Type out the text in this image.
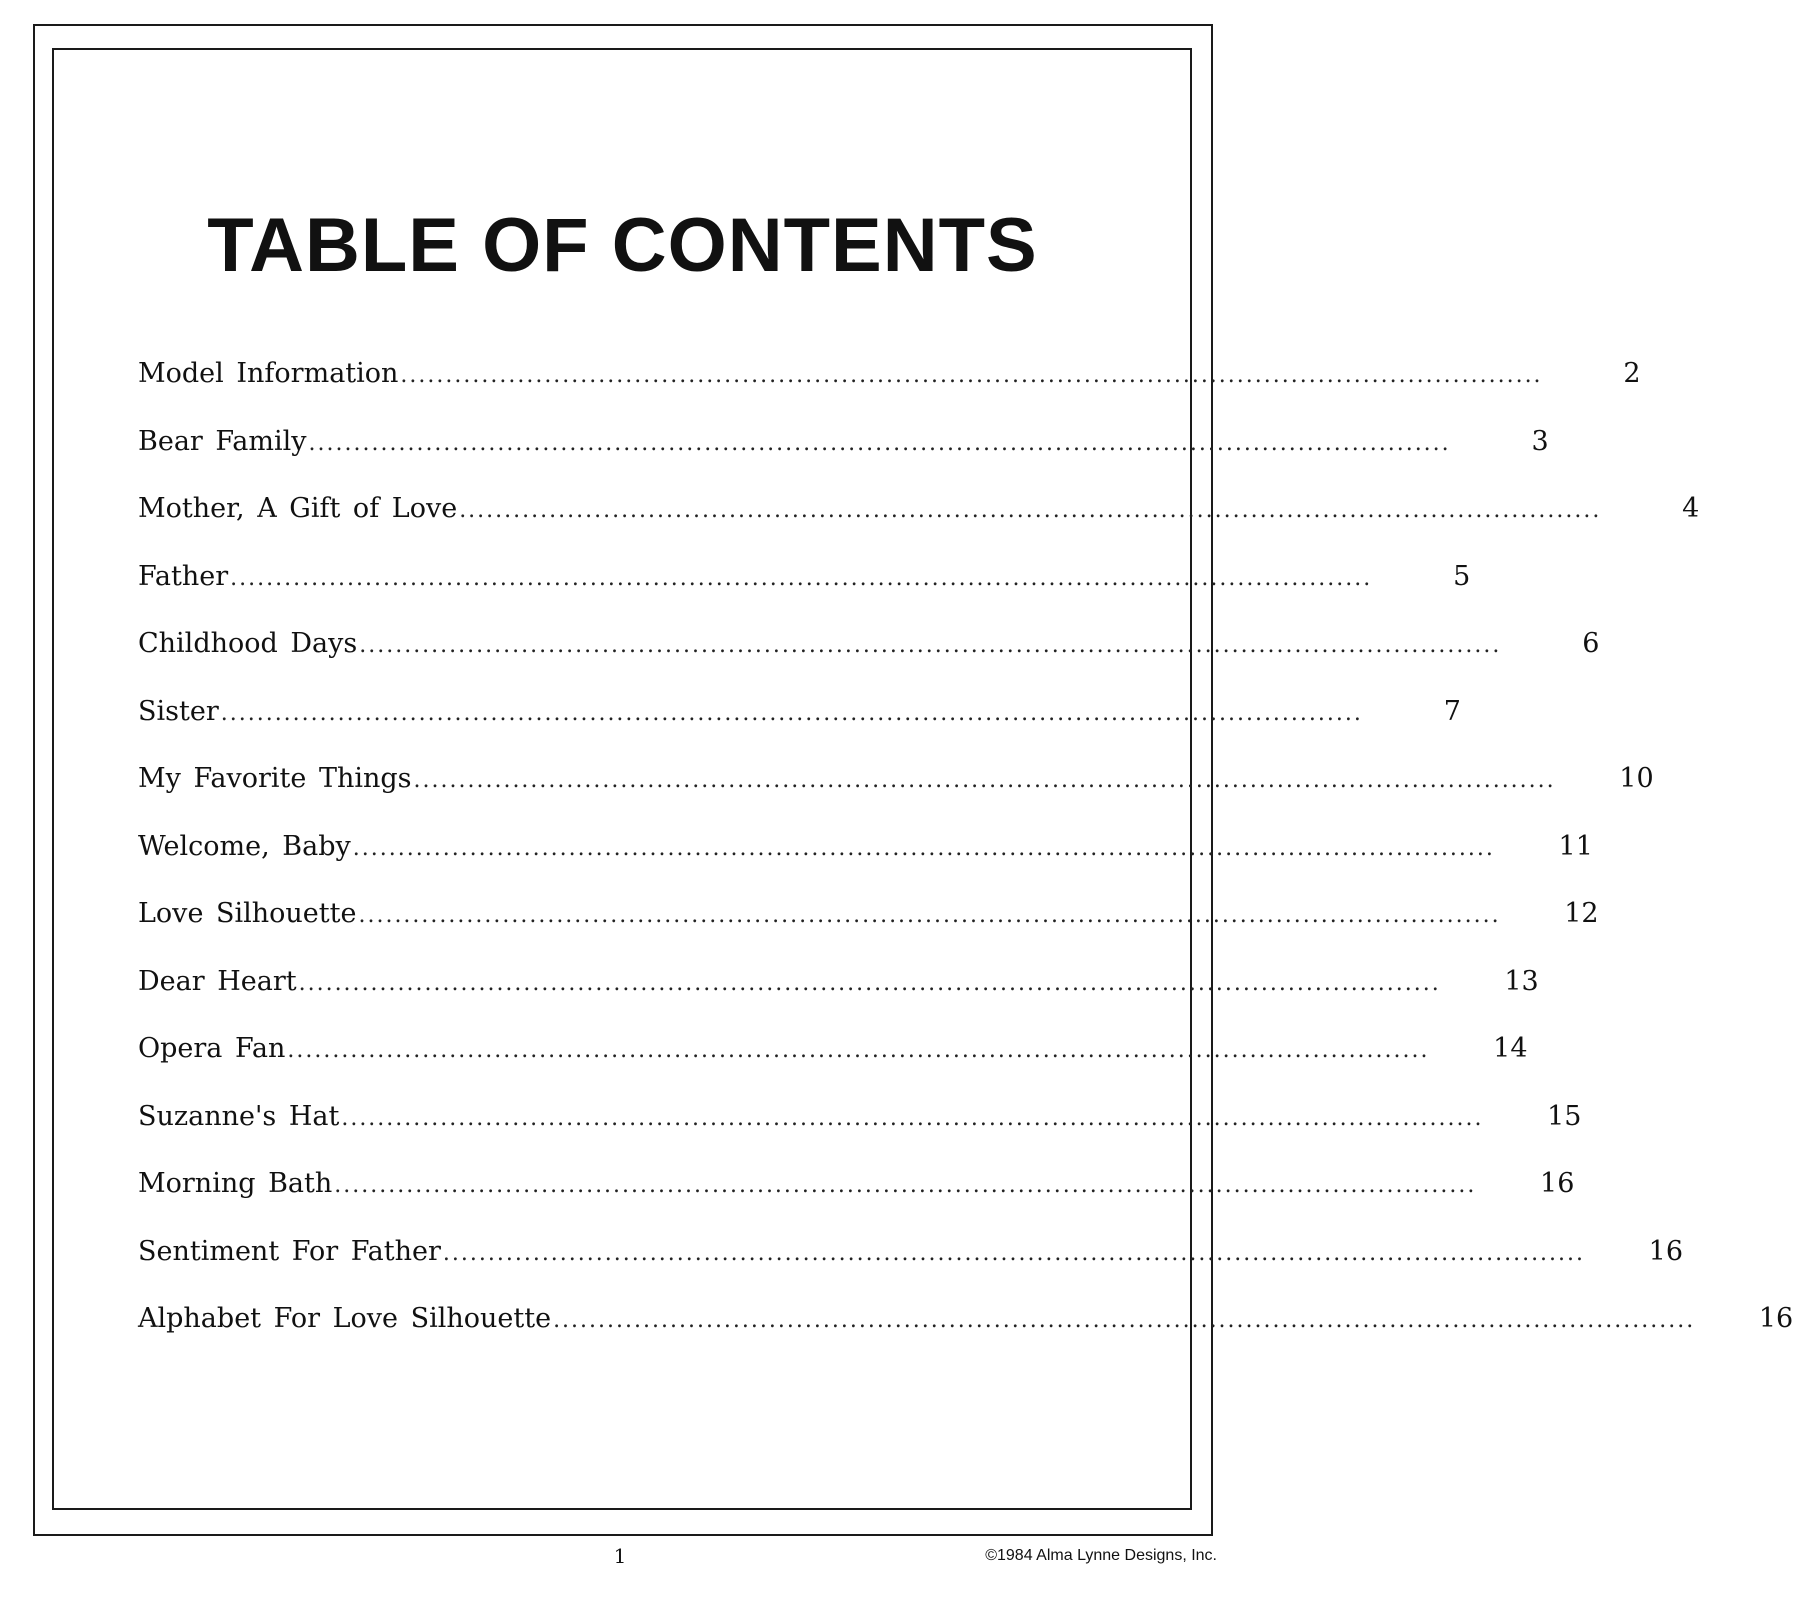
TABLE OF CONTENTS
Model Information ...............................................................................................................................	2
Bear Family ...............................................................................................................................	3
Mother, A Gift of Love ...............................................................................................................................	4
Father ...............................................................................................................................	5
Childhood Days ...............................................................................................................................	6
Sister ...............................................................................................................................	7
My Favorite Things ...............................................................................................................................	10
Welcome, Baby ...............................................................................................................................	11
Love Silhouette ...............................................................................................................................	12
Dear Heart ...............................................................................................................................	13
Opera Fan ...............................................................................................................................	14
Suzanne's Hat ...............................................................................................................................	15
Morning Bath ...............................................................................................................................	16
Sentiment For Father ...............................................................................................................................	16
Alphabet For Love Silhouette ...............................................................................................................................	16
1	©1984 Alma Lynne Designs, Inc.
